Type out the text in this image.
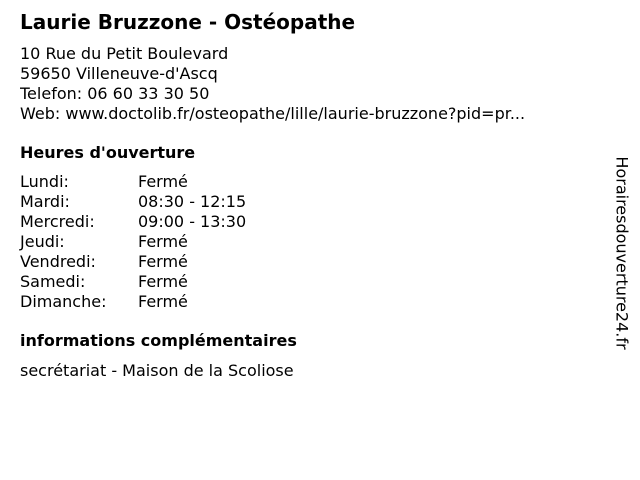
Laurie Bruzzone - Ostéopathe
10 Rue du Petit Boulevard
59650 Villeneuve-d'Ascq
Telefon: 06 60 33 30 50
Web: www.doctolib.fr/osteopathe/lille/laurie-bruzzone?pid=pr...
Heures d'ouverture
Lundi:	Fermé
Mardi:	08:30 - 12:15
Mercredi:	09:00 - 13:30
Jeudi:	Fermé
Vendredi:	Fermé
Samedi:	Fermé
Dimanche:	Fermé
informations complémentaires
secrétariat - Maison de la Scoliose
Horairesdouverture24.fr
